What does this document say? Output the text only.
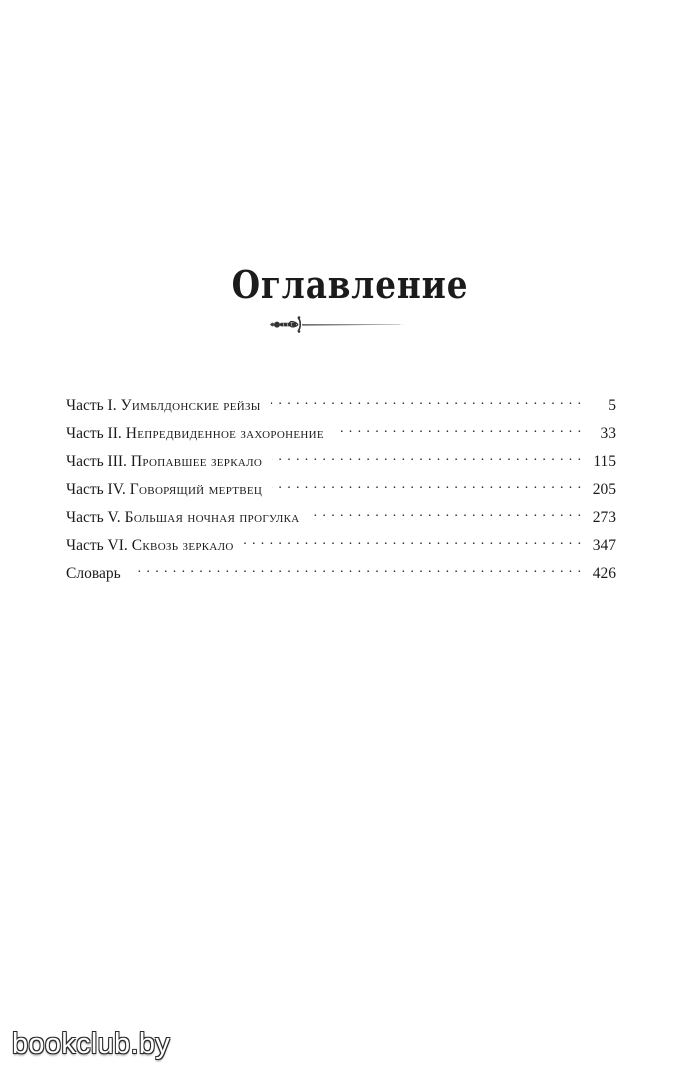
Оглавление
Часть I. Уимблдонские рейзы . . .	5
Часть II. Непредвиденное захоронение . . .	33
Часть III. Пропавшее зеркало . . .	115
Часть IV. Говорящий мертвец . . .	205
Часть V. Большая ночная прогулка . . .	273
Часть VI. Сквозь зеркало . . .	347
Словарь . . .	426
bookclub.by
